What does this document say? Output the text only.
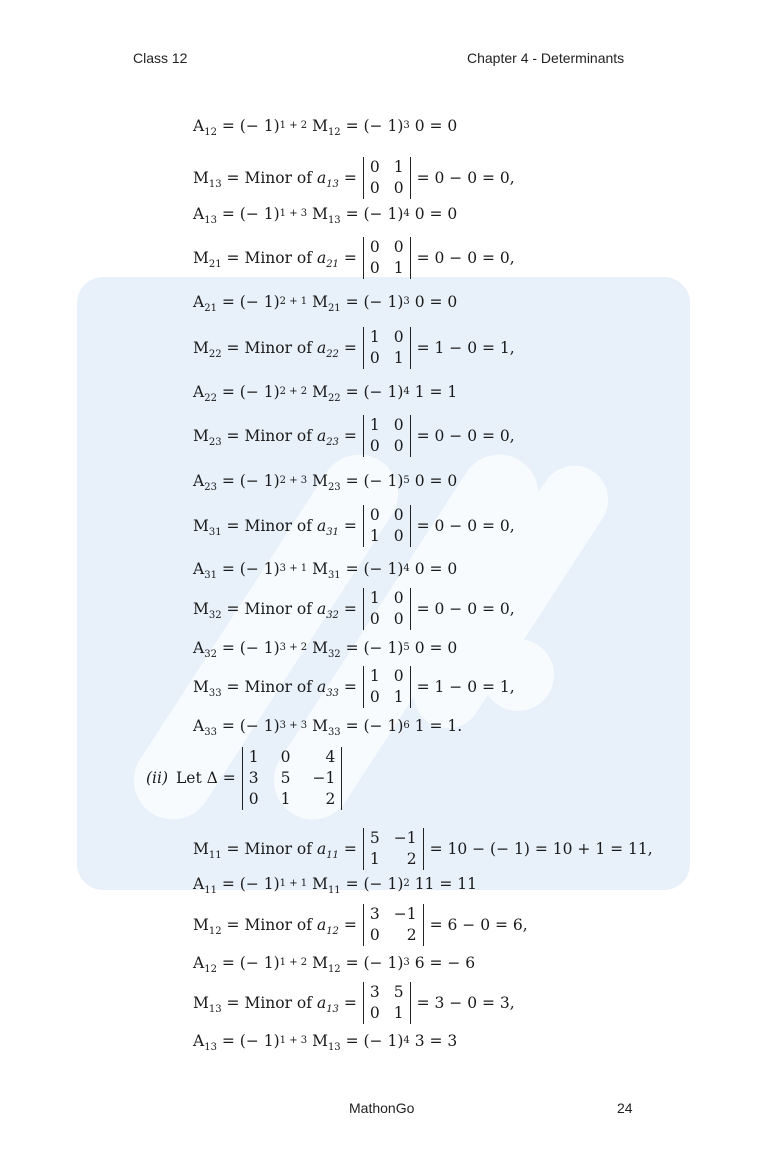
Class 12	Chapter 4 - Determinants
$A_{12}$ = (− 1) 1 + 2
$M_{12}$ = (− 1) 3 0 = 0
$M_{13}$ = Minor of $a_{13}$ =
0 1
0 0
= 0 − 0 = 0,
$A_{13}$ = (− 1) 1 + 3
$M_{13}$ = (− 1) 4 0 = 0
$M_{21}$ = Minor of $a_{21}$ =
0 0
0 1
= 0 − 0 = 0,
$A_{21}$ = (− 1) 2 + 1
$M_{21}$ = (− 1) 3 0 = 0
$M_{22}$ = Minor of $a_{22}$ =
1 0
0 1
= 1 − 0 = 1,
$A_{22}$ = (− 1) 2 + 2
$M_{22}$ = (− 1) 4 1 = 1
$M_{23}$ = Minor of $a_{23}$ =
1 0
0 0
= 0 − 0 = 0,
$A_{23}$ = (− 1) 2 + 3
$M_{23}$ = (− 1) 5 0 = 0
$M_{31}$ = Minor of $a_{31}$ =
0 0
1 0
= 0 − 0 = 0,
$A_{31}$ = (− 1) 3 + 1
$M_{31}$ = (− 1) 4 0 = 0
$M_{32}$ = Minor of $a_{32}$ =
1 0
0 0
= 0 − 0 = 0,
$A_{32}$ = (− 1) 3 + 2
$M_{32}$ = (− 1) 5 0 = 0
$M_{33}$ = Minor of $a_{33}$ =
1 0
0 1
= 1 − 0 = 1,
$A_{33}$ = (− 1) 3 + 3
$M_{33}$ = (− 1) 6 1 = 1.
(ii) Let Δ =
1 0	4
3 5 −1
0 1	2
$M_{11}$ = Minor of $a_{11}$ =
5 −1
1	2
= 10 − (− 1) = 10 + 1 = 11,
$A_{11}$ = (− 1) 1 + 1
$M_{11}$ = (− 1) 2 11 = 11
$M_{12}$ = Minor of $a_{12}$ =
3 −1
0	2
= 6 − 0 = 6,
$A_{12}$ = (− 1) 1 + 2
$M_{12}$ = (− 1) 3 6 = − 6
$M_{13}$ = Minor of $a_{13}$ =
3 5
0 1
= 3 − 0 = 3,
$A_{13}$ = (− 1) 1 + 3
$M_{13}$ = (− 1) 4 3 = 3
MathonGo	24
